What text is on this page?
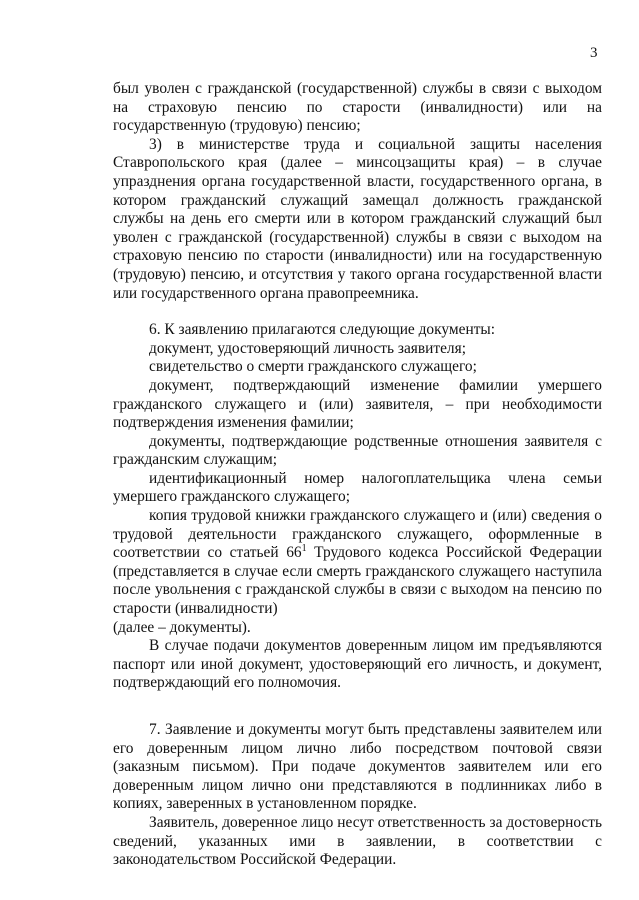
3

был уволен с гражданской (государственной) службы в связи с выходом на страховую пенсию по старости (инвалидности) или на государственную (трудовую) пенсию;

3) в министерстве труда и социальной защиты населения Ставропольского края (далее – минсоцзащиты края) – в случае упразднения органа государственной власти, государственного органа, в котором гражданский служащий замещал должность гражданской службы на день его смерти или в котором гражданский служащий был уволен с гражданской (государственной) службы в связи с выходом на страховую пенсию по старости (инвалидности) или на государственную (трудовую) пенсию, и отсутствия у такого органа государственной власти или государственного органа правопреемника.

6. К заявлению прилагаются следующие документы:

документ, удостоверяющий личность заявителя;

свидетельство о смерти гражданского служащего;

документ, подтверждающий изменение фамилии умершего гражданского служащего и (или) заявителя, – при необходимости подтверждения изменения фамилии;

документы, подтверждающие родственные отношения заявителя с гражданским служащим;

идентификационный номер налогоплательщика члена семьи умершего гражданского служащего;

копия трудовой книжки гражданского служащего и (или) сведения о трудовой деятельности гражданского служащего, оформленные в соответствии со статьей $66^1$ Трудового кодекса Российской Федерации (представляется в случае если смерть гражданского служащего наступила после увольнения с гражданской службы в связи с выходом на пенсию по старости (инвалидности)

(далее – документы).

В случае подачи документов доверенным лицом им предъявляются паспорт или иной документ, удостоверяющий его личность, и документ, подтверждающий его полномочия.

7. Заявление и документы могут быть представлены заявителем или его доверенным лицом лично либо посредством почтовой связи (заказным письмом). При подаче документов заявителем или его доверенным лицом лично они представляются в подлинниках либо в копиях, заверенных в установленном порядке.

Заявитель, доверенное лицо несут ответственность за достоверность сведений, указанных ими в заявлении, в соответствии с законодательством Российской Федерации.
